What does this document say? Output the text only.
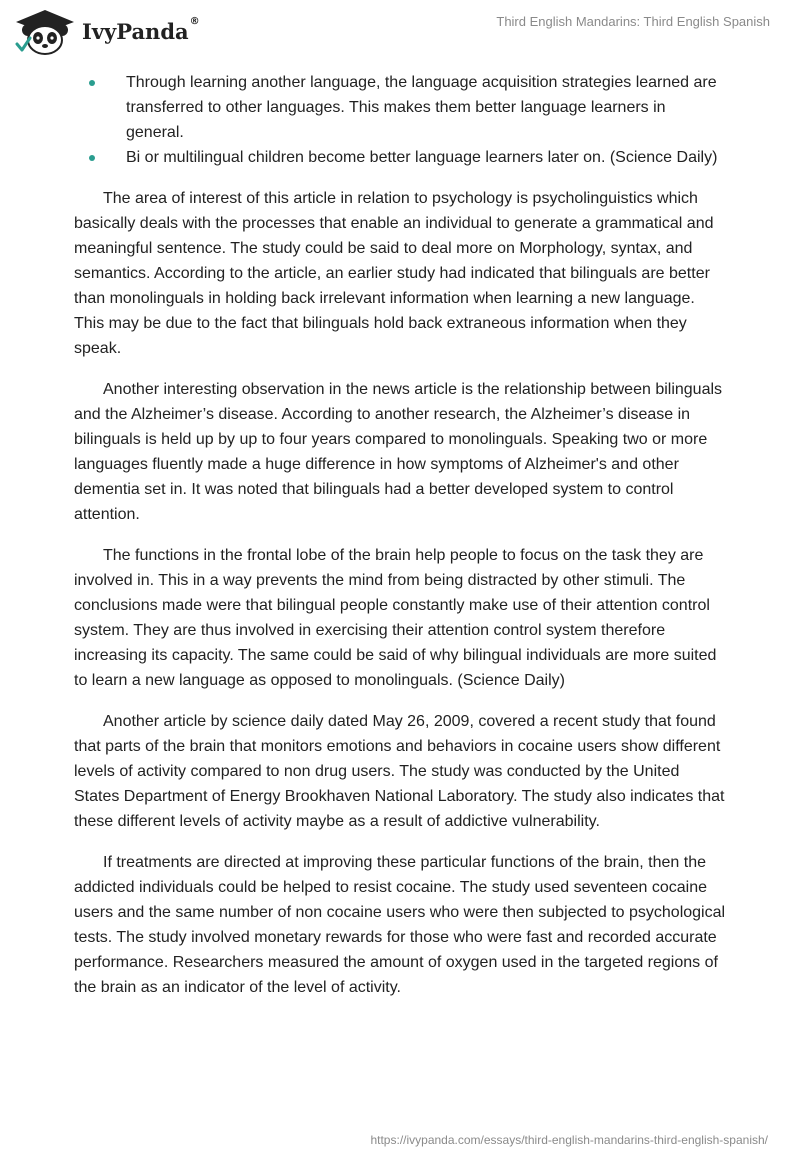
IvyPanda®	Third English Mandarins: Third English Spanish
Through learning another language, the language acquisition strategies learned are transferred to other languages. This makes them better language learners in general.
Bi or multilingual children become better language learners later on. (Science Daily)

The area of interest of this article in relation to psychology is psycholinguistics which basically deals with the processes that enable an individual to generate a grammatical and meaningful sentence. The study could be said to deal more on Morphology, syntax, and semantics. According to the article, an earlier study had indicated that bilinguals are better than monolinguals in holding back irrelevant information when learning a new language. This may be due to the fact that bilinguals hold back extraneous information when they speak.

Another interesting observation in the news article is the relationship between bilinguals and the Alzheimer’s disease. According to another research, the Alzheimer’s disease in bilinguals is held up by up to four years compared to monolinguals. Speaking two or more languages fluently made a huge difference in how symptoms of Alzheimer's and other dementia set in. It was noted that bilinguals had a better developed system to control attention.

The functions in the frontal lobe of the brain help people to focus on the task they are involved in. This in a way prevents the mind from being distracted by other stimuli. The conclusions made were that bilingual people constantly make use of their attention control system. They are thus involved in exercising their attention control system therefore increasing its capacity. The same could be said of why bilingual individuals are more suited to learn a new language as opposed to monolinguals. (Science Daily)

Another article by science daily dated May 26, 2009, covered a recent study that found that parts of the brain that monitors emotions and behaviors in cocaine users show different levels of activity compared to non drug users. The study was conducted by the United States Department of Energy Brookhaven National Laboratory. The study also indicates that these different levels of activity maybe as a result of addictive vulnerability.

If treatments are directed at improving these particular functions of the brain, then the addicted individuals could be helped to resist cocaine. The study used seventeen cocaine users and the same number of non cocaine users who were then subjected to psychological tests. The study involved monetary rewards for those who were fast and recorded accurate performance. Researchers measured the amount of oxygen used in the targeted regions of the brain as an indicator of the level of activity.

https://ivypanda.com/essays/third-english-mandarins-third-english-spanish/
